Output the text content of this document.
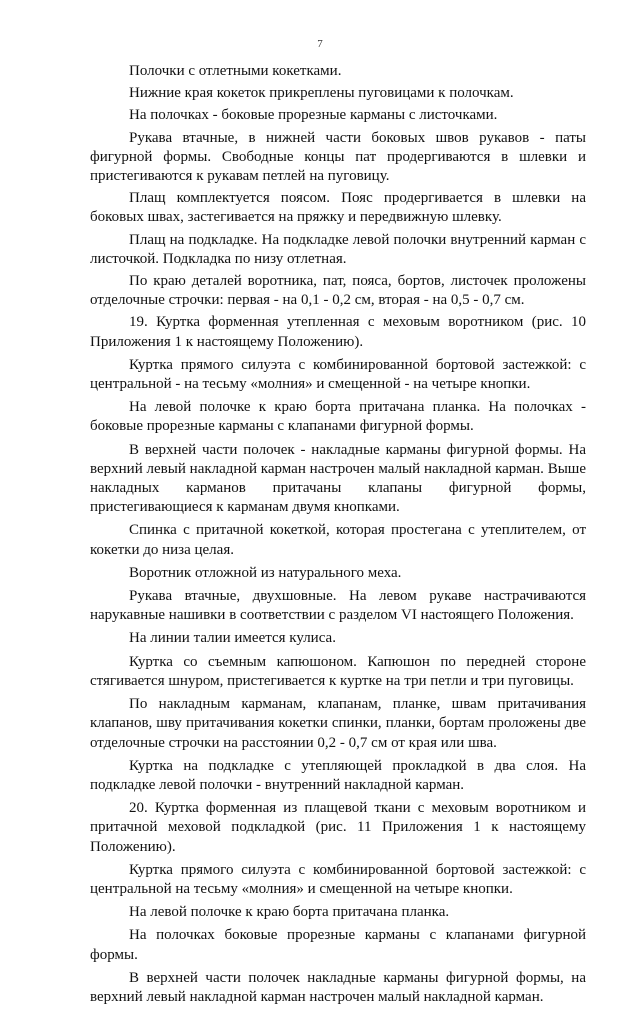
7

Полочки с отлетными кокетками.

Нижние края кокеток прикреплены пуговицами к полочкам.

На полочках - боковые прорезные карманы с листочками.

Рукава втачные, в нижней части боковых швов рукавов - паты фигурной формы. Свободные концы пат продергиваются в шлевки и пристегиваются к рукавам петлей на пуговицу.

Плащ комплектуется поясом. Пояс продергивается в шлевки на боковых швах, застегивается на пряжку и передвижную шлевку.

Плащ на подкладке. На подкладке левой полочки внутренний карман с листочкой. Подкладка по низу отлетная.

По краю деталей воротника, пат, пояса, бортов, листочек проложены отделочные строчки: первая - на 0,1 - 0,2 см, вторая - на 0,5 - 0,7 см.

19. Куртка форменная утепленная с меховым воротником (рис. 10 Приложения 1 к настоящему Положению).

Куртка прямого силуэта с комбинированной бортовой застежкой: с центральной - на тесьму «молния» и смещенной - на четыре кнопки.

На левой полочке к краю борта притачана планка. На полочках - боковые прорезные карманы с клапанами фигурной формы.

В верхней части полочек - накладные карманы фигурной формы. На верхний левый накладной карман настрочен малый накладной карман. Выше накладных карманов притачаны клапаны фигурной формы, пристегивающиеся к карманам двумя кнопками.

Спинка с притачной кокеткой, которая простегана с утеплителем, от кокетки до низа целая.

Воротник отложной из натурального меха.

Рукава втачные, двухшовные. На левом рукаве настрачиваются нарукавные нашивки в соответствии с разделом VI настоящего Положения.

На линии талии имеется кулиса.

Куртка со съемным капюшоном. Капюшон по передней стороне стягивается шнуром, пристегивается к куртке на три петли и три пуговицы.

По накладным карманам, клапанам, планке, швам притачивания клапанов, шву притачивания кокетки спинки, планки, бортам проложены две отделочные строчки на расстоянии 0,2 - 0,7 см от края или шва.

Куртка на подкладке с утепляющей прокладкой в два слоя. На подкладке левой полочки - внутренний накладной карман.

20. Куртка форменная из плащевой ткани с меховым воротником и притачной меховой подкладкой (рис. 11 Приложения 1 к настоящему Положению).

Куртка прямого силуэта с комбинированной бортовой застежкой: с центральной на тесьму «молния» и смещенной на четыре кнопки.

На левой полочке к краю борта притачана планка.

На полочках боковые прорезные карманы с клапанами фигурной формы.

В верхней части полочек накладные карманы фигурной формы, на верхний левый накладной карман настрочен малый накладной карман.
